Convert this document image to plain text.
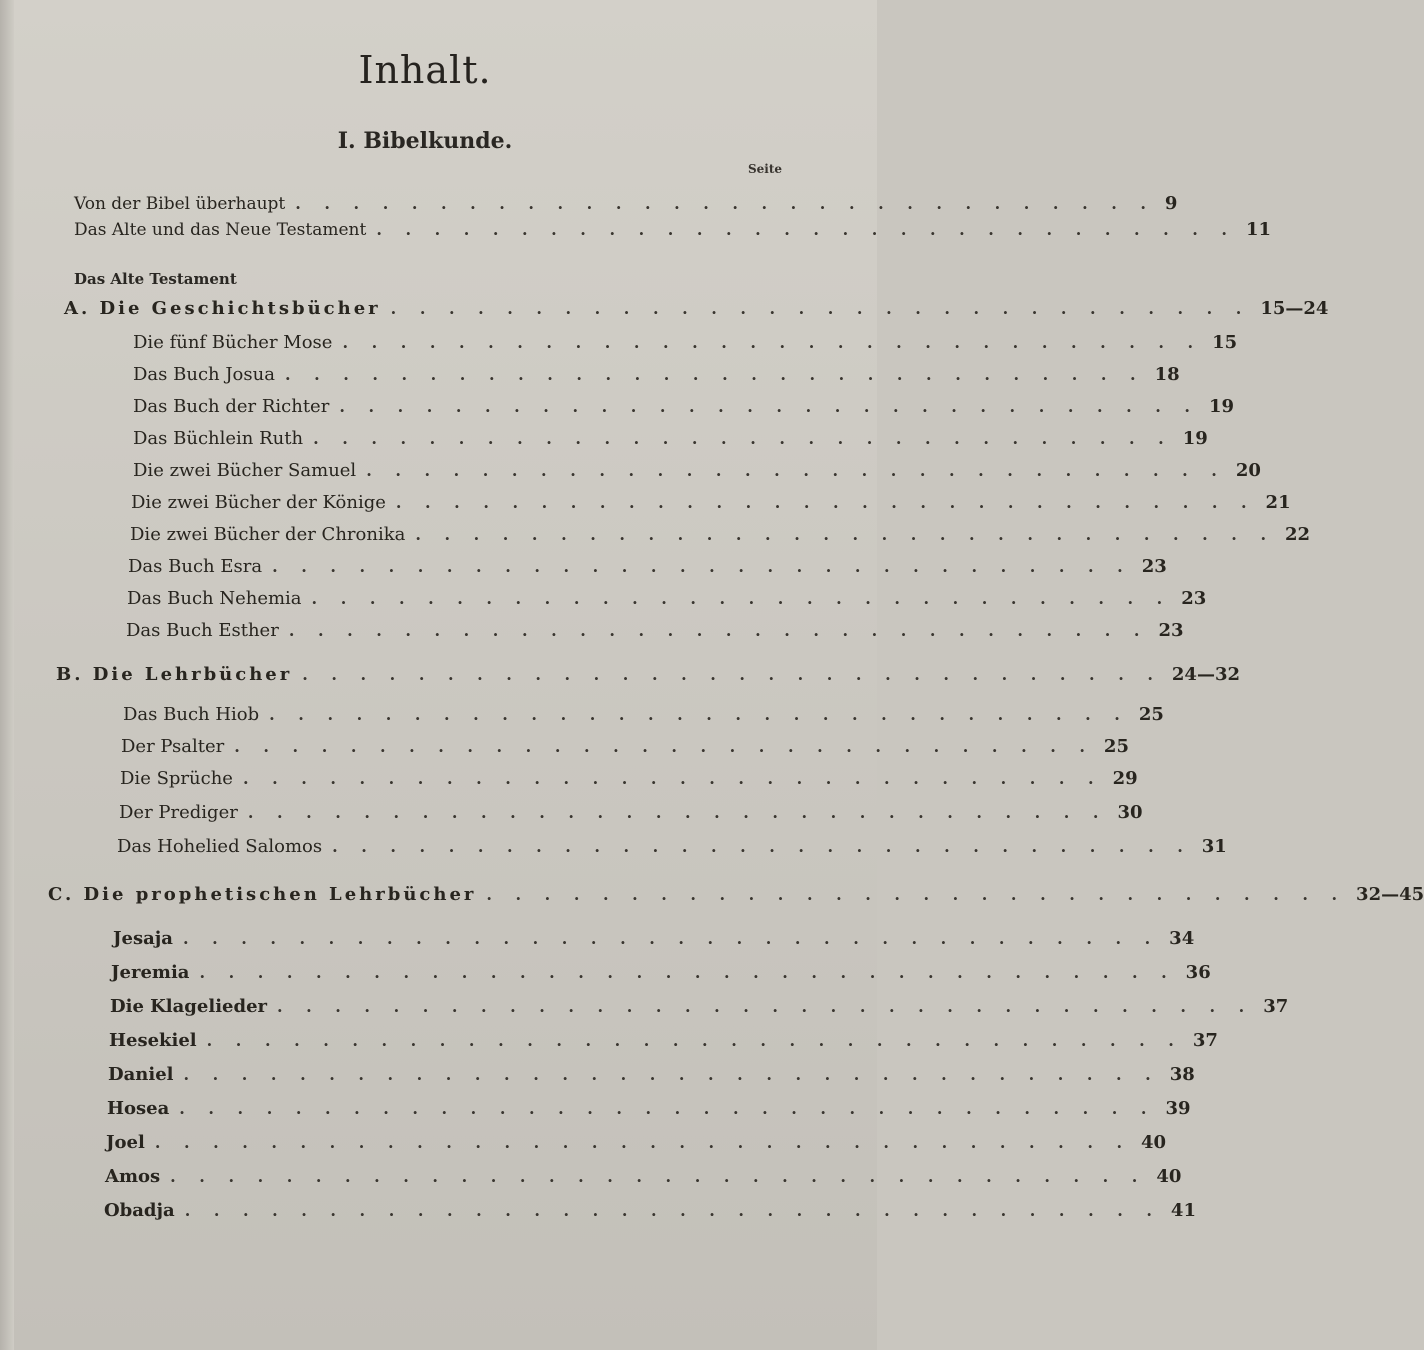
Inhalt.
I. Bibelkunde.
Seite
Von der Bibel überhaupt . . . . . . . . . . . . . . . . . . . . . . . . . . . . . . 9
Das Alte und das Neue Testament . . . . . . . . . . . . . . . . . . . . . . . . . . . . . . 11
Das Alte Testament
A. Die Geschichtsbücher . . . . . . . . . . . . . . . . . . . . . . . . . . . . . . 15—24
Die fünf Bücher Mose . . . . . . . . . . . . . . . . . . . . . . . . . . . . . . 15
Das Buch Josua . . . . . . . . . . . . . . . . . . . . . . . . . . . . . . 18
Das Buch der Richter . . . . . . . . . . . . . . . . . . . . . . . . . . . . . . 19
Das Büchlein Ruth . . . . . . . . . . . . . . . . . . . . . . . . . . . . . . 19
Die zwei Bücher Samuel . . . . . . . . . . . . . . . . . . . . . . . . . . . . . . 20
Die zwei Bücher der Könige . . . . . . . . . . . . . . . . . . . . . . . . . . . . . . 21
Die zwei Bücher der Chronika . . . . . . . . . . . . . . . . . . . . . . . . . . . . . . 22
Das Buch Esra . . . . . . . . . . . . . . . . . . . . . . . . . . . . . . 23
Das Buch Nehemia . . . . . . . . . . . . . . . . . . . . . . . . . . . . . . 23
Das Buch Esther . . . . . . . . . . . . . . . . . . . . . . . . . . . . . . 23
B. Die Lehrbücher . . . . . . . . . . . . . . . . . . . . . . . . . . . . . . 24—32
Das Buch Hiob . . . . . . . . . . . . . . . . . . . . . . . . . . . . . . 25
Der Psalter . . . . . . . . . . . . . . . . . . . . . . . . . . . . . . 25
Die Sprüche . . . . . . . . . . . . . . . . . . . . . . . . . . . . . . 29
Der Prediger . . . . . . . . . . . . . . . . . . . . . . . . . . . . . . 30
Das Hohelied Salomos . . . . . . . . . . . . . . . . . . . . . . . . . . . . . . 31
C. Die prophetischen Lehrbücher . . . . . . . . . . . . . . . . . . . . . . . . . . . . . . 32—45
Jesaja . . . . . . . . . . . . . . . . . . . . . . . . . . . . . . . . . . 34
Jeremia . . . . . . . . . . . . . . . . . . . . . . . . . . . . . . . . . . 36
Die Klagelieder . . . . . . . . . . . . . . . . . . . . . . . . . . . . . . . . . . 37
Hesekiel . . . . . . . . . . . . . . . . . . . . . . . . . . . . . . . . . . 37
Daniel . . . . . . . . . . . . . . . . . . . . . . . . . . . . . . . . . . 38
Hosea . . . . . . . . . . . . . . . . . . . . . . . . . . . . . . . . . . 39
Joel . . . . . . . . . . . . . . . . . . . . . . . . . . . . . . . . . . 40
Amos . . . . . . . . . . . . . . . . . . . . . . . . . . . . . . . . . . 40
Obadja . . . . . . . . . . . . . . . . . . . . . . . . . . . . . . . . . . 41
